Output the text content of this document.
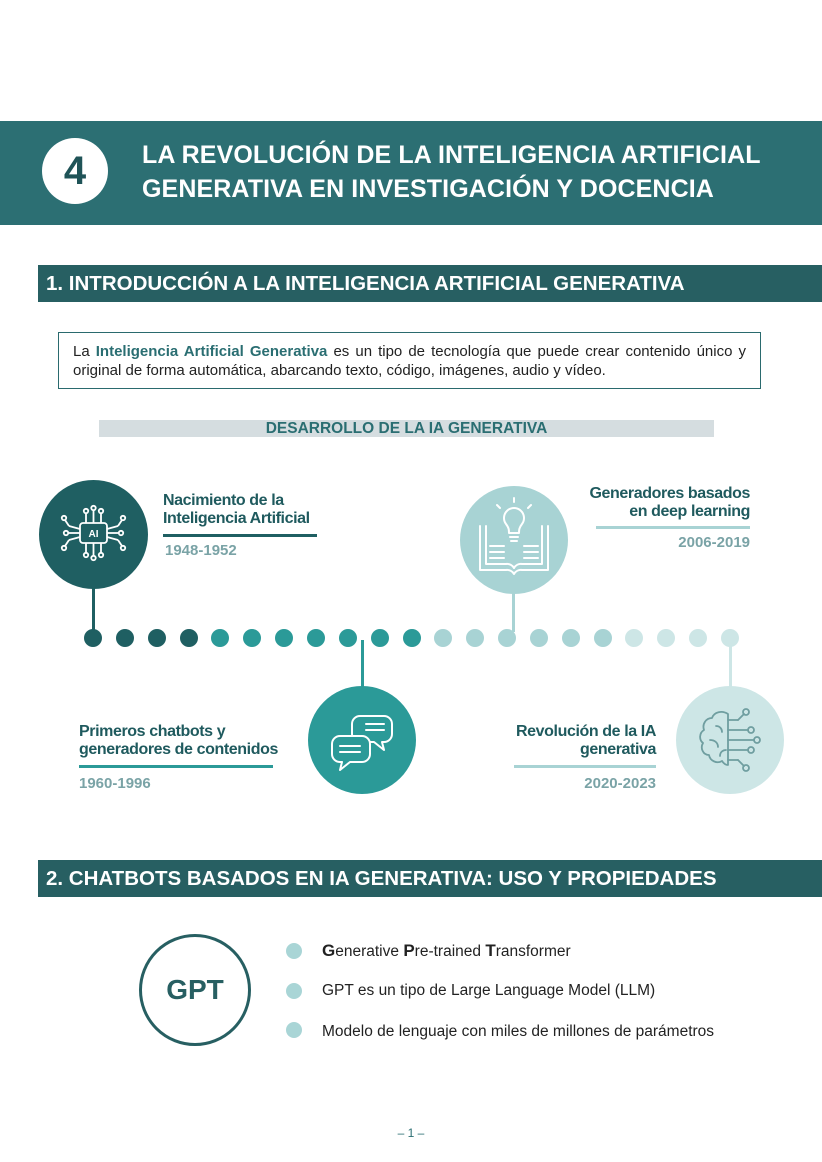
4	LA REVOLUCIÓN DE LA INTELIGENCIA ARTIFICIAL
GENERATIVA EN INVESTIGACIÓN Y DOCENCIA
1. INTRODUCCIÓN A LA INTELIGENCIA ARTIFICIAL GENERATIVA
La Inteligencia Artificial Generativa es un tipo de tecnología que puede crear contenido único y original de forma automática, abarcando texto, código, imágenes, audio y vídeo.
DESARROLLO DE LA IA GENERATIVA
AI
Nacimiento de la
Inteligencia Artificial
1948-1952
Primeros chatbots y
generadores de contenidos
1960-1996
Generadores basados
en deep learning
2006-2019
Revolución de la IA
generativa
2020-2023
2. CHATBOTS BASADOS EN IA GENERATIVA: USO Y PROPIEDADES
GPT
Generative Pre-trained Transformer
GPT es un tipo de Large Language Model (LLM)
Modelo de lenguaje con miles de millones de parámetros
– 1 –
